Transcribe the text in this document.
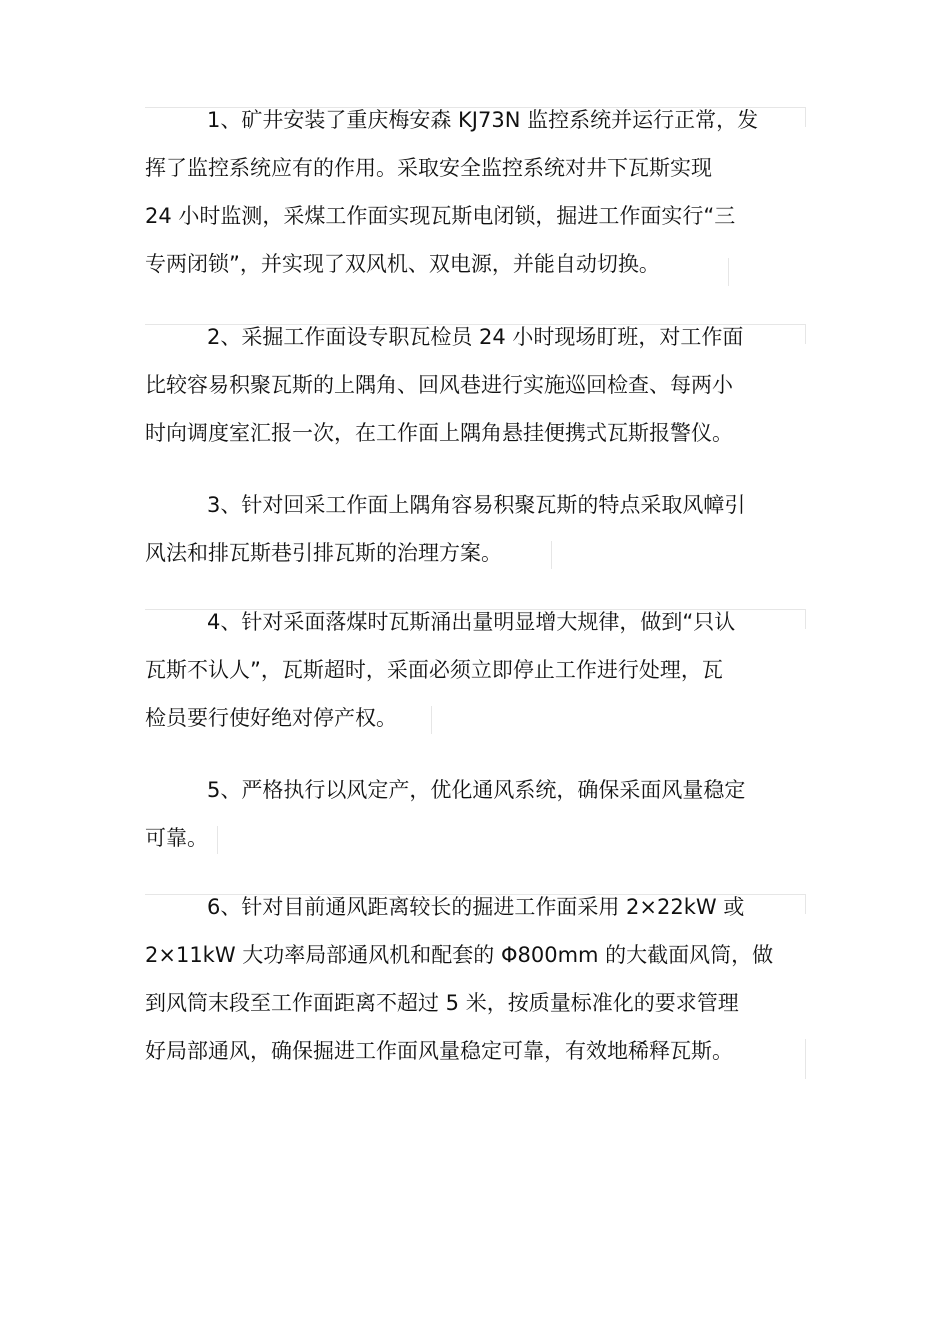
1、矿井安装了重庆梅安森 KJ73N 监控系统并运行正常，发
挥了监控系统应有的作用。采取安全监控系统对井下瓦斯实现
24 小时监测，采煤工作面实现瓦斯电闭锁，掘进工作面实行“三
专两闭锁”，并实现了双风机、双电源，并能自动切换。
2、采掘工作面设专职瓦检员 24 小时现场盯班，对工作面
比较容易积聚瓦斯的上隅角、回风巷进行实施巡回检查、每两小
时向调度室汇报一次，在工作面上隅角悬挂便携式瓦斯报警仪。
3、针对回采工作面上隅角容易积聚瓦斯的特点采取风幛引
风法和排瓦斯巷引排瓦斯的治理方案。
4、针对采面落煤时瓦斯涌出量明显增大规律，做到“只认
瓦斯不认人”，瓦斯超时，采面必须立即停止工作进行处理，瓦
检员要行使好绝对停产权。
5、严格执行以风定产，优化通风系统，确保采面风量稳定
可靠。
6、针对目前通风距离较长的掘进工作面采用 2×22kW 或
2×11kW 大功率局部通风机和配套的 Φ800mm 的大截面风筒，做
到风筒末段至工作面距离不超过 5 米，按质量标准化的要求管理
好局部通风，确保掘进工作面风量稳定可靠，有效地稀释瓦斯。
